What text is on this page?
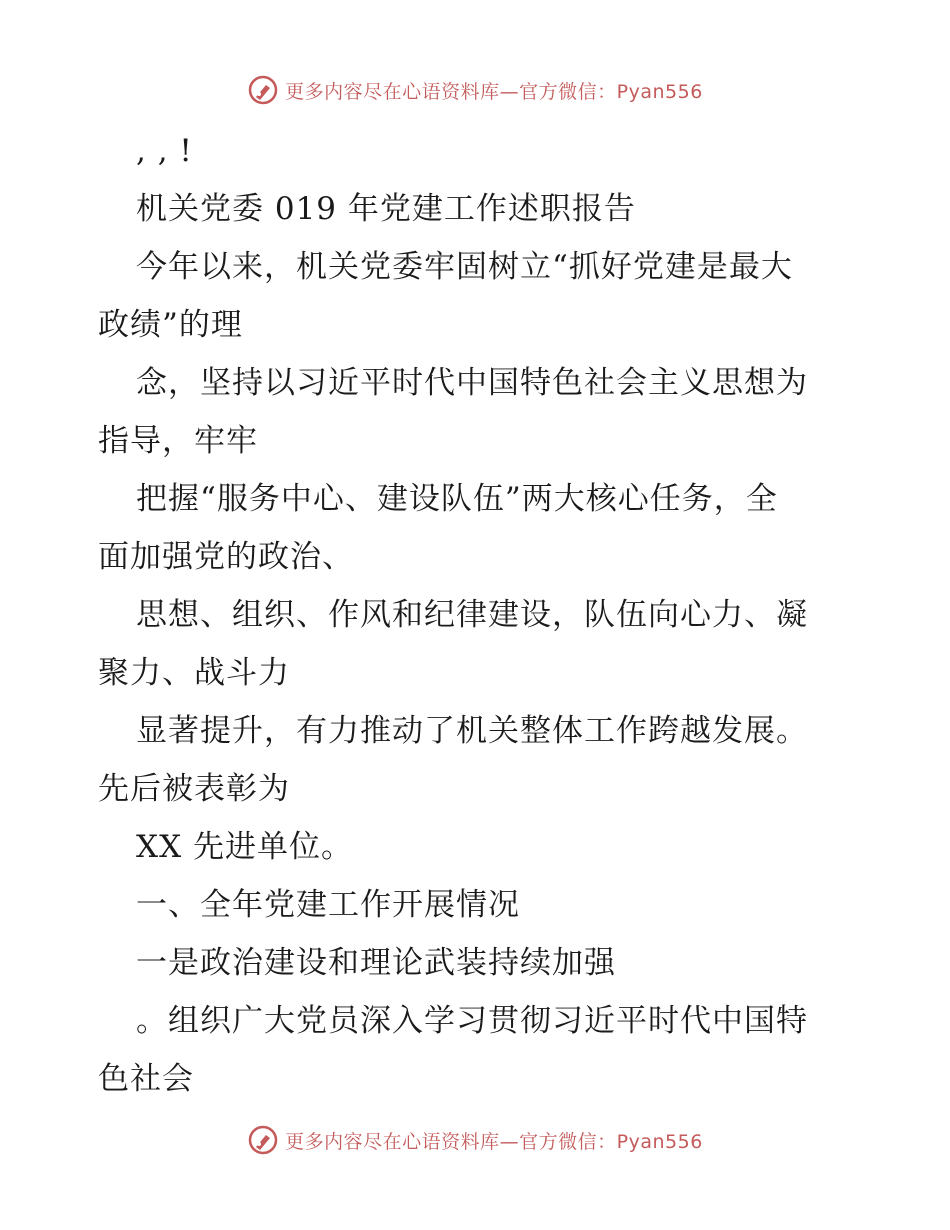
更多内容尽在心语资料库—官方微信：Pyan556
, , !
机关党委 019 年党建工作述职报告
今年以来，机关党委牢固树立“抓好党建是最大
政绩”的理
念，坚持以习近平时代中国特色社会主义思想为
指导，牢牢
把握“服务中心、建设队伍”两大核心任务，全
面加强党的政治、
思想、组织、作风和纪律建设，队伍向心力、凝
聚力、战斗力
显著提升，有力推动了机关整体工作跨越发展。
先后被表彰为
XX 先进单位。
一、全年党建工作开展情况
一是政治建设和理论武装持续加强
。组织广大党员深入学习贯彻习近平时代中国特
色社会
更多内容尽在心语资料库—官方微信：Pyan556
